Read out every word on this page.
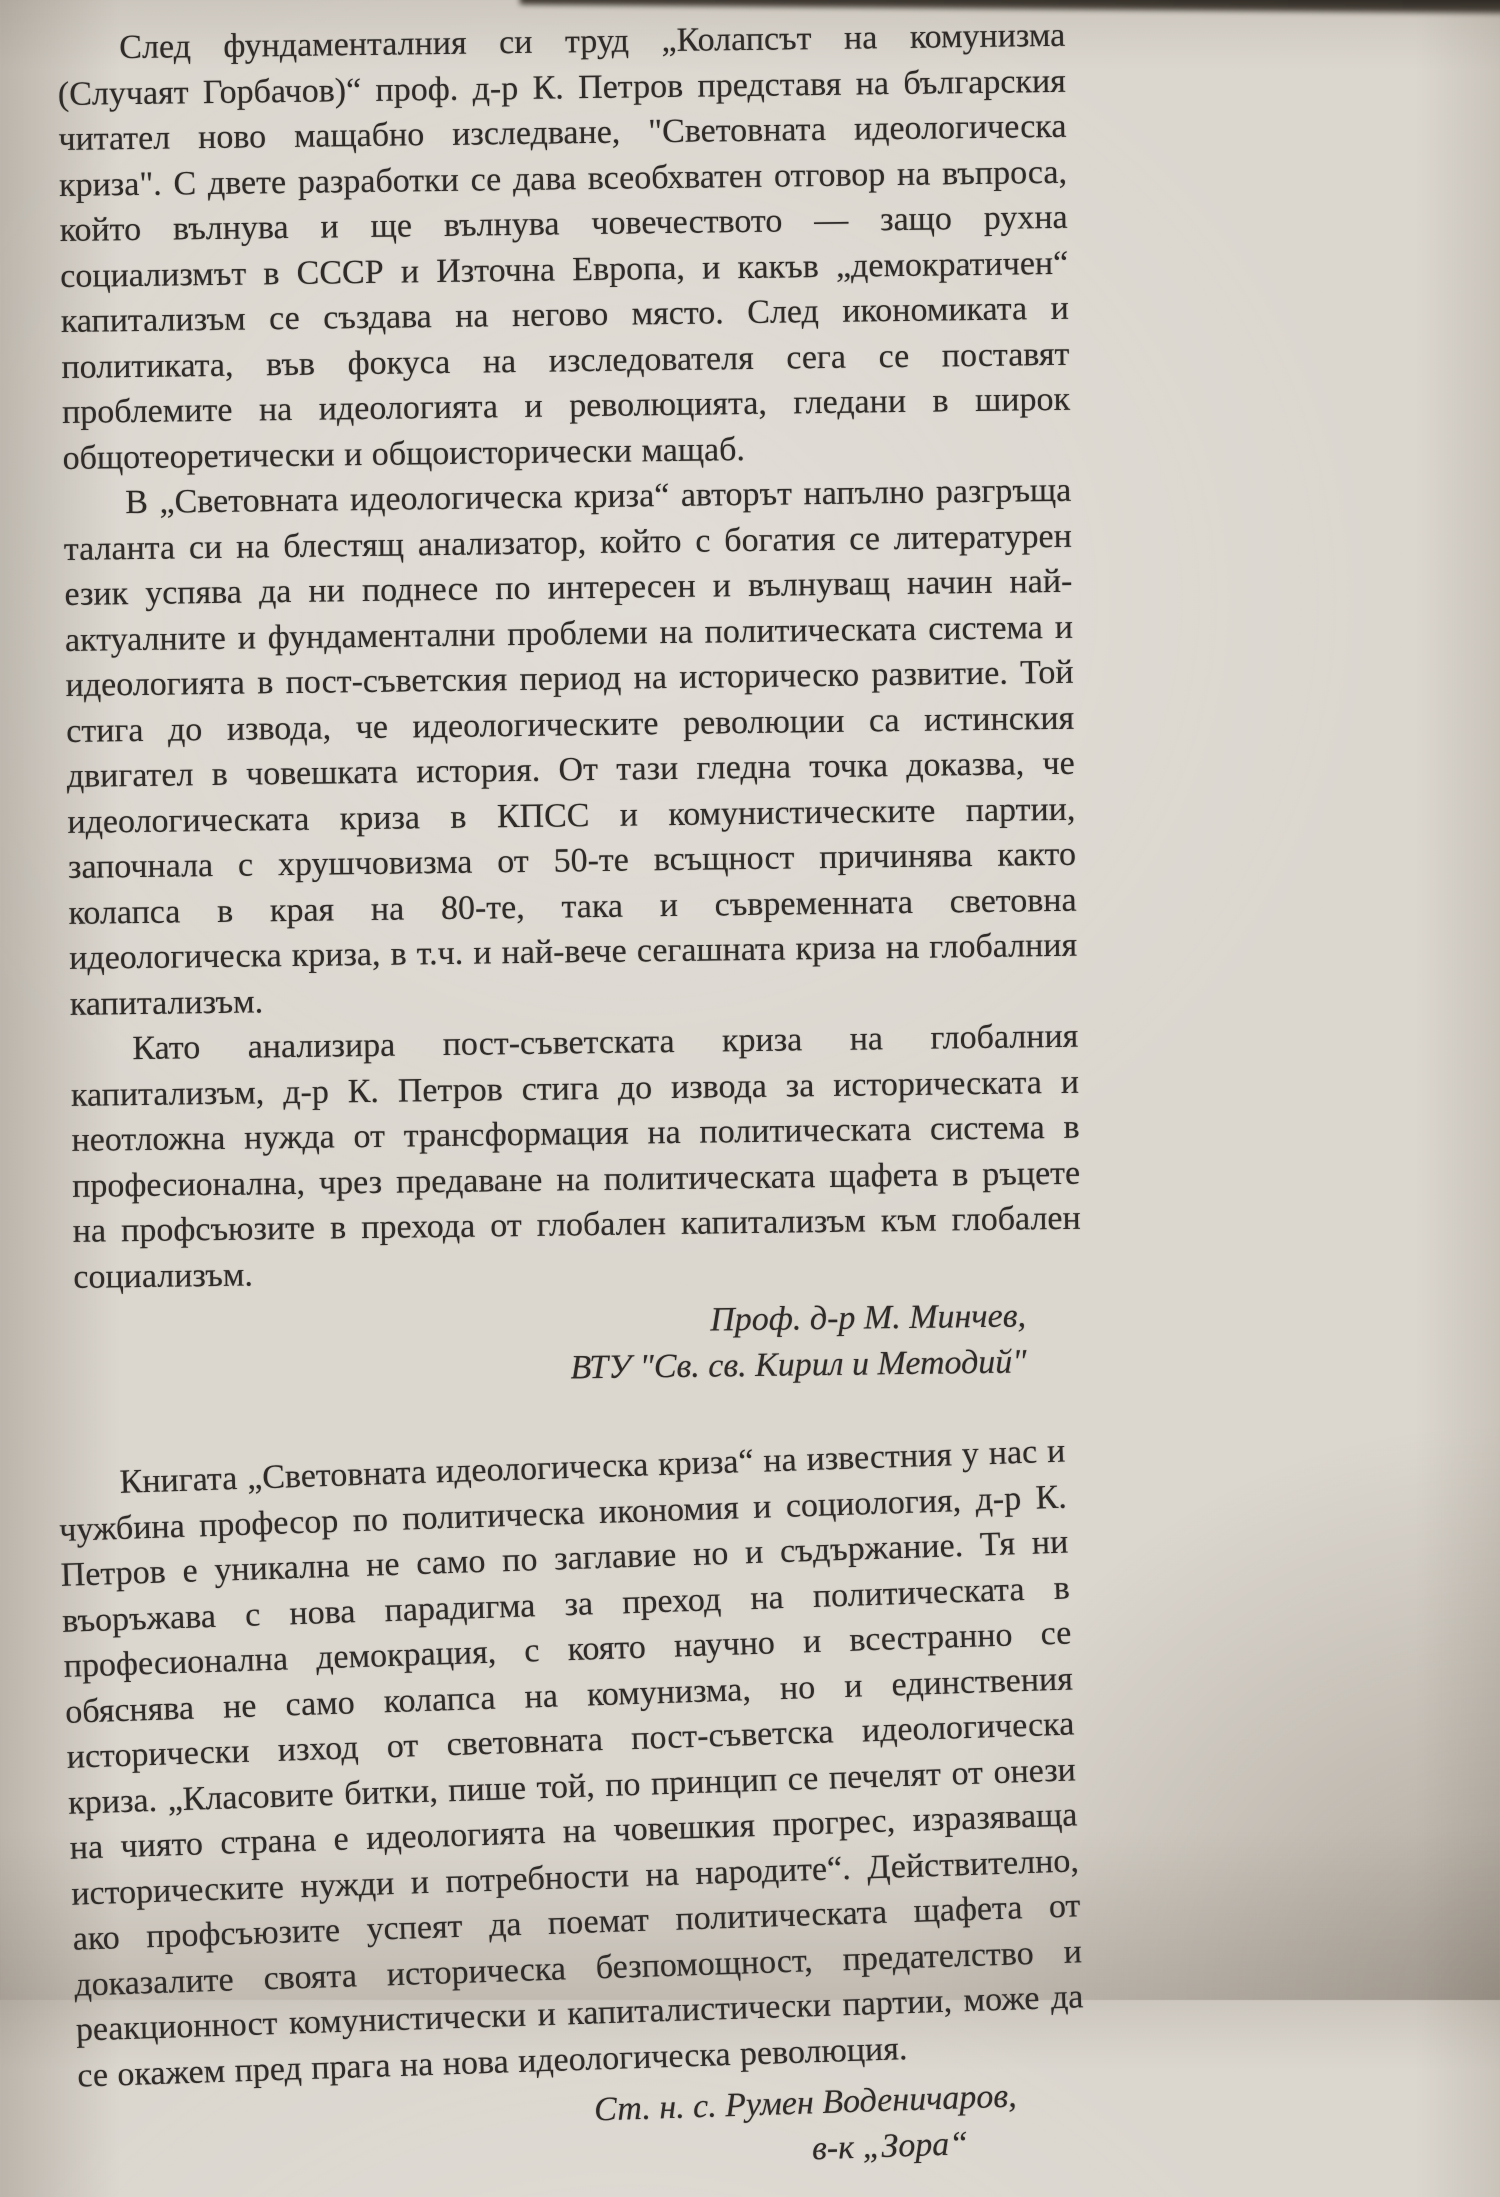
След фундаменталния си труд „Колапсът на комунизма (Случаят Горбачов)“ проф. д-р К. Петров представя на българския читател ново мащабно изследване, "Световната идеологическа криза". С двете разработки се дава всеобхватен отговор на въпроса, който вълнува и ще вълнува човечеството — защо рухна социализмът в СССР и Източна Европа, и какъв „демократичен“ капитализъм се създава на негово място. След икономиката и политиката, във фокуса на изследователя сега се поставят проблемите на идеологията и революцията, гледани в широк общотеоретически и общоисторически мащаб.

В „Световната идеологическа криза“ авторът напълно разгръща таланта си на блестящ анализатор, който с богатия се литературен език успява да ни поднесе по интересен и вълнуващ начин най-актуалните и фундаментални проблеми на политическата система и идеологията в пост-съветския период на историческо развитие. Той стига до извода, че идеологическите революции са истинския двигател в човешката история. От тази гледна точка доказва, че идеологическата криза в КПСС и комунистическите партии, започнала с хрушчовизма от 50-те всъщност причинява както колапса в края на 80-те, така и съвременната световна идеологическа криза, в т.ч. и най-вече сегашната криза на глобалния капитализъм.

Като анализира пост-съветската криза на глобалния капитализъм, д-р К. Петров стига до извода за историческата и неотложна нужда от трансформация на политическата система в професионална, чрез предаване на политическата щафета в ръцете на профсъюзите в прехода от глобален капитализъм към глобален социализъм.

Проф. д-р М. Минчев,
ВТУ "Св. св. Кирил и Методий"

Книгата „Световната идеологическа криза“ на известния у нас и чужбина професор по политическа икономия и социология, д-р К. Петров е уникална не само по заглавие но и съдържание. Тя ни въоръжава с нова парадигма за преход на политическата в професионална демокрация, с която научно и всестранно се обяснява не само колапса на комунизма, но и единствения исторически изход от световната пост-съветска идеологическа криза. „Класовите битки, пише той, по принцип се печелят от онези на чиято страна е идеологията на човешкия прогрес, изразяваща историческите нужди и потребности на народите“. Действително, ако профсъюзите успеят да поемат политическата щафета от доказалите своята историческа безпомощност, предателство и реакционност комунистически и капиталистически партии, може да се окажем пред прага на нова идеологическа революция.

Ст. н. с. Румен Воденичаров,
в-к „Зора“
